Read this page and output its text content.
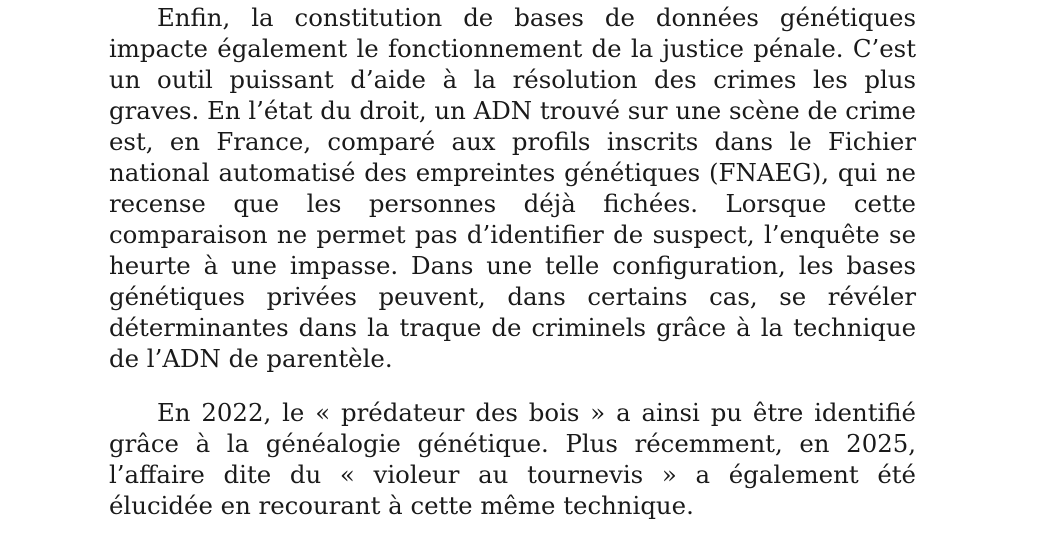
Enfin, la constitution de bases de données génétiques impacte également le fonctionnement de la justice pénale. C’est un outil puissant d’aide à la résolution des crimes les plus graves. En l’état du droit, un ADN trouvé sur une scène de crime est, en France, comparé aux profils inscrits dans le Fichier national automatisé des empreintes génétiques (FNAEG), qui ne recense que les personnes déjà fichées. Lorsque cette comparaison ne permet pas d’identifier de suspect, l’enquête se heurte à une impasse. Dans une telle configuration, les bases génétiques privées peuvent, dans certains cas, se révéler déterminantes dans la traque de criminels grâce à la technique de l’ADN de parentèle.

En 2022, le « prédateur des bois » a ainsi pu être identifié grâce à la généalogie génétique. Plus récemment, en 2025, l’affaire dite du « violeur au tournevis » a également été élucidée en recourant à cette même technique.
